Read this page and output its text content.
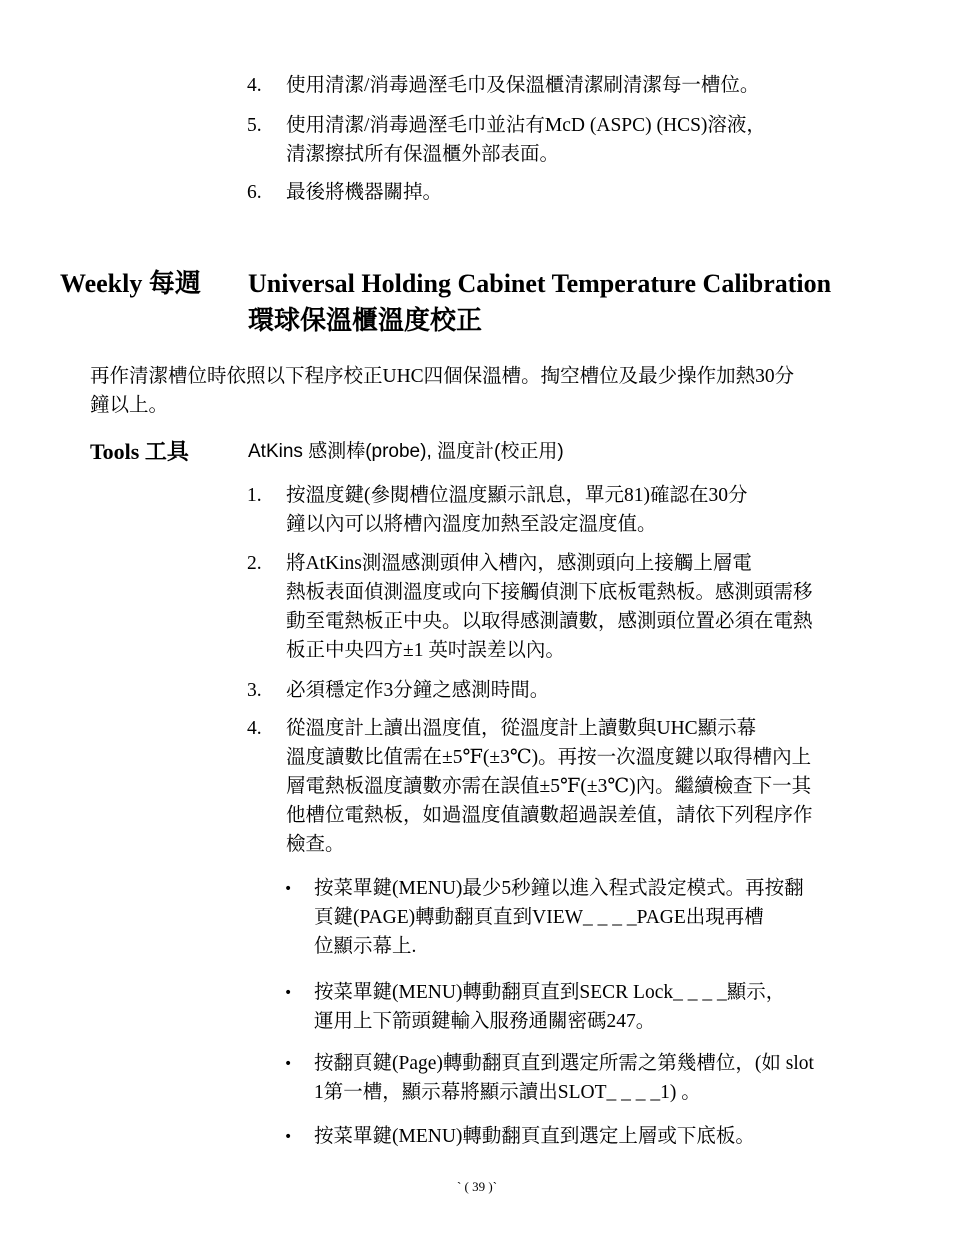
4. 使用清潔/消毒過溼毛巾及保溫櫃清潔刷清潔每一槽位。
5. 使用清潔/消毒過溼毛巾並沾有McD (ASPC) (HCS)溶液，
清潔擦拭所有保溫櫃外部表面。
6. 最後將機器關掉。
Weekly 每週 Universal Holding Cabinet Temperature Calibration
環球保溫櫃溫度校正
再作清潔槽位時依照以下程序校正UHC四個保溫槽。掏空槽位及最少操作加熱30分
鐘以上。
Tools 工具	AtKins 感測棒(probe), 溫度計(校正用)
1. 按溫度鍵(參閱槽位溫度顯示訊息，單元81)確認在30分
鐘以內可以將槽內溫度加熱至設定溫度值。
2. 將AtKins測溫感測頭伸入槽內，感測頭向上接觸上層電
熱板表面偵測溫度或向下接觸偵測下底板電熱板。感測頭需移
動至電熱板正中央。以取得感測讀數，感測頭位置必須在電熱
板正中央四方±1 英吋誤差以內。
3. 必須穩定作3分鐘之感測時間。
4. 從溫度計上讀出溫度值，從溫度計上讀數與UHC顯示幕
溫度讀數比值需在±5℉(±3℃)。再按一次溫度鍵以取得槽內上
層電熱板溫度讀數亦需在誤值±5℉(±3℃)內。繼續檢查下一其
他槽位電熱板，如過溫度值讀數超過誤差值，請依下列程序作
檢查。
• 按菜單鍵(MENU)最少5秒鐘以進入程式設定模式。再按翻
頁鍵(PAGE)轉動翻頁直到VIEW_ _ _ _PAGE出現再槽
位顯示幕上.
• 按菜單鍵(MENU)轉動翻頁直到SECR Lock_ _ _ _顯示，
運用上下箭頭鍵輸入服務通關密碼247。
• 按翻頁鍵(Page)轉動翻頁直到選定所需之第幾槽位，(如 slot
1第一槽，顯示幕將顯示讀出SLOT_ _ _ _1) 。
• 按菜單鍵(MENU)轉動翻頁直到選定上層或下底板。
` ( 39 )`
